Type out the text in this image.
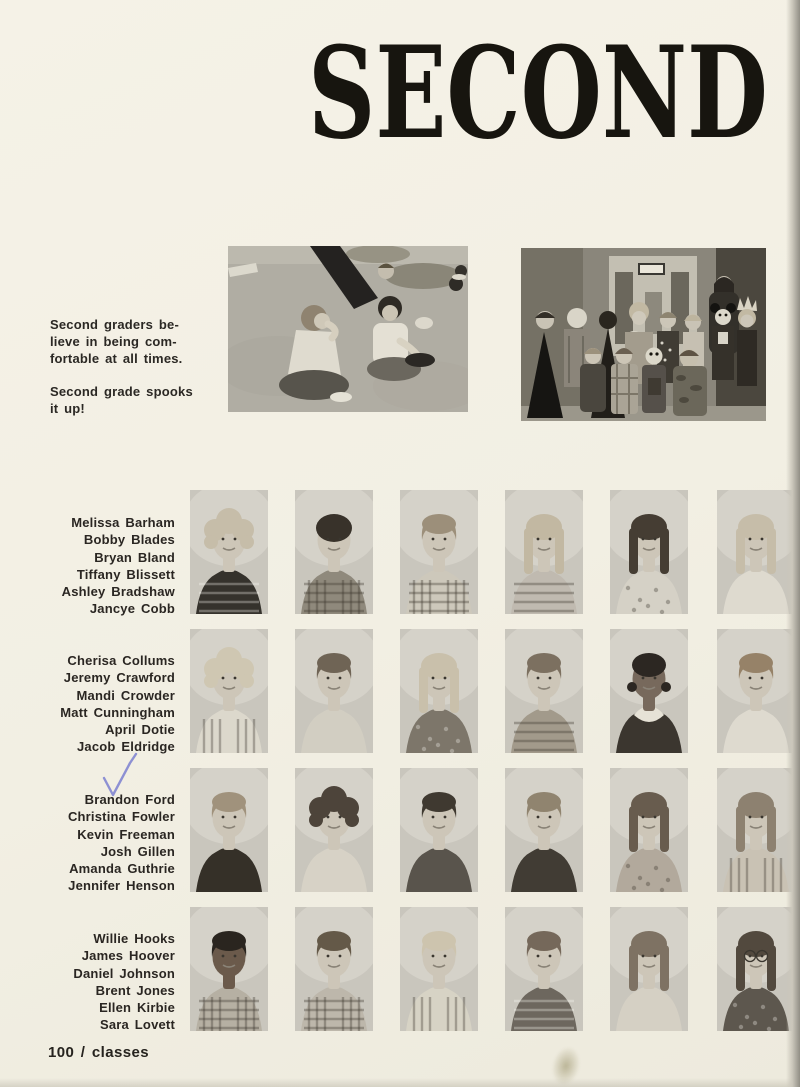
SECOND
Second graders be-
lieve in being com-
fortable at all times.
Second grade spooks
it up!
Melissa Barham
Bobby Blades
Bryan Bland
Tiffany Blissett
Ashley Bradshaw
Jancye Cobb
Cherisa Collums
Jeremy Crawford
Mandi Crowder
Matt Cunningham
April Dotie
Jacob Eldridge
Brandon Ford
Christina Fowler
Kevin Freeman
Josh Gillen
Amanda Guthrie
Jennifer Henson
Willie Hooks
James Hoover
Daniel Johnson
Brent Jones
Ellen Kirbie
Sara Lovett
100 / classes
